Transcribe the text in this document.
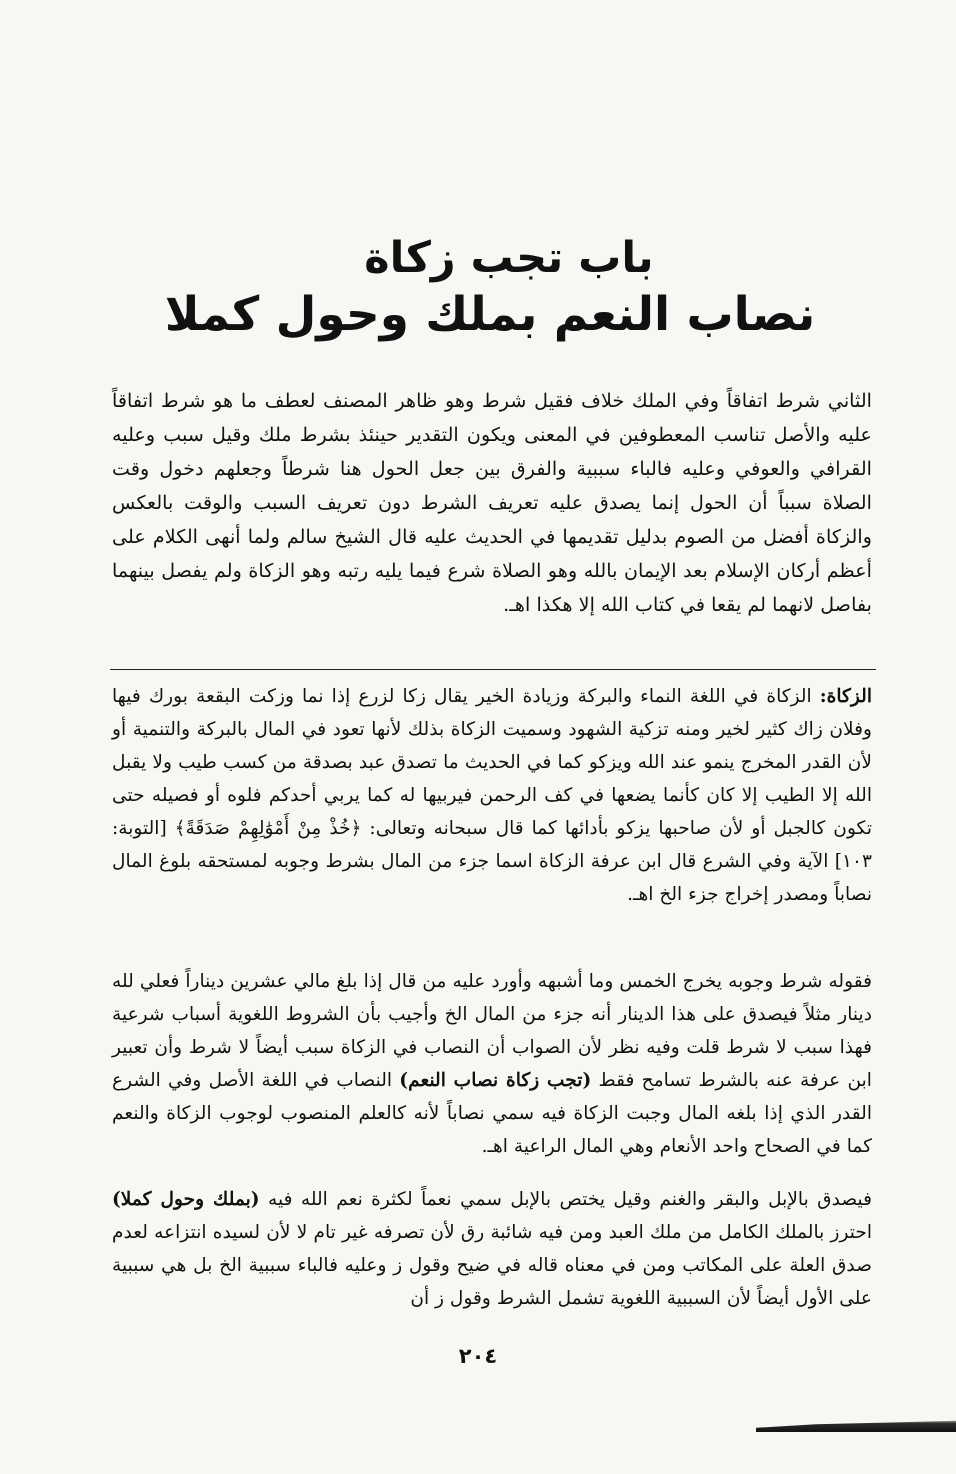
باب تجب زكاة
نصاب النعم بملك وحول كملا

الثاني شرط اتفاقاً وفي الملك خلاف فقيل شرط وهو ظاهر المصنف لعطف ما هو شرط اتفاقاً عليه والأصل تناسب المعطوفين في المعنى ويكون التقدير حينئذ بشرط ملك وقيل سبب وعليه القرافي والعوفي وعليه فالباء سببية والفرق بين جعل الحول هنا شرطاً وجعلهم دخول وقت الصلاة سبباً أن الحول إنما يصدق عليه تعريف الشرط دون تعريف السبب والوقت بالعكس والزكاة أفضل من الصوم بدليل تقديمها في الحديث عليه قال الشيخ سالم ولما أنهى الكلام على أعظم أركان الإسلام بعد الإيمان بالله وهو الصلاة شرع فيما يليه رتبه وهو الزكاة ولم يفصل بينهما بفاصل لانهما لم يقعا في كتاب الله إلا هكذا اهـ.

الزكاة: الزكاة في اللغة النماء والبركة وزيادة الخير يقال زكا لزرع إذا نما وزكت البقعة بورك فيها وفلان زاك كثير لخير ومنه تزكية الشهود وسميت الزكاة بذلك لأنها تعود في المال بالبركة والتنمية أو لأن القدر المخرج ينمو عند الله ويزكو كما في الحديث ما تصدق عبد بصدقة من كسب طيب ولا يقبل الله إلا الطيب إلا كان كأنما يضعها في كف الرحمن فيربيها له كما يربي أحدكم فلوه أو فصيله حتى تكون كالجبل أو لأن صاحبها يزكو بأدائها كما قال سبحانه وتعالى: ﴿خُذْ مِنْ أَمْوَٰلِهِمْ صَدَقَةً﴾ [التوبة: ١٠٣] الآية وفي الشرع قال ابن عرفة الزكاة اسما جزء من المال بشرط وجوبه لمستحقه بلوغ المال نصاباً ومصدر إخراج جزء الخ اهـ.

فقوله شرط وجوبه يخرج الخمس وما أشبهه وأورد عليه من قال إذا بلغ مالي عشرين ديناراً فعلي لله دينار مثلاً فيصدق على هذا الدينار أنه جزء من المال الخ وأجيب بأن الشروط اللغوية أسباب شرعية فهذا سبب لا شرط قلت وفيه نظر لأن الصواب أن النصاب في الزكاة سبب أيضاً لا شرط وأن تعبير ابن عرفة عنه بالشرط تسامح فقط (تجب زكاة نصاب النعم) النصاب في اللغة الأصل وفي الشرع القدر الذي إذا بلغه المال وجبت الزكاة فيه سمي نصاباً لأنه كالعلم المنصوب لوجوب الزكاة والنعم كما في الصحاح واحد الأنعام وهي المال الراعية اهـ.

فيصدق بالإبل والبقر والغنم وقيل يختص بالإبل سمي نعماً لكثرة نعم الله فيه (بملك وحول كملا) احترز بالملك الكامل من ملك العبد ومن فيه شائبة رق لأن تصرفه غير تام لا لأن لسيده انتزاعه لعدم صدق العلة على المكاتب ومن في معناه قاله في ضيح وقول ز وعليه فالباء سببية الخ بل هي سببية على الأول أيضاً لأن السببية اللغوية تشمل الشرط وقول ز أن

٢٠٤
